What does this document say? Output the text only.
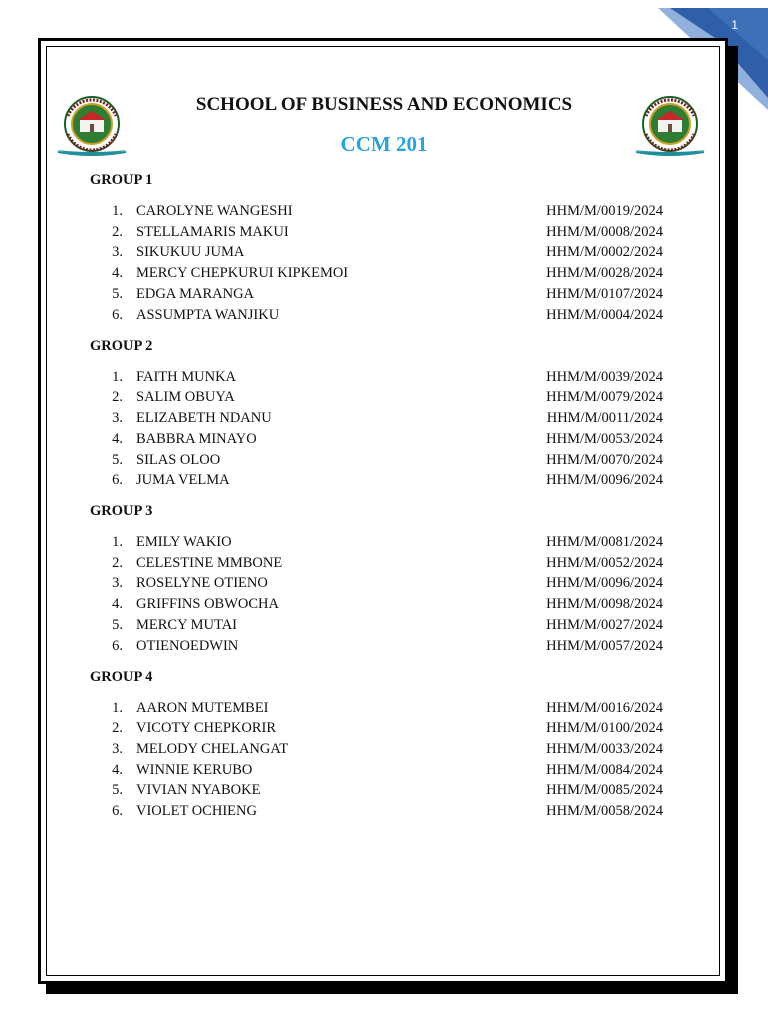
1
SCHOOL OF BUSINESS AND ECONOMICS
CCM 201
GROUP 1
1. CAROLYNE WANGESHI	HHM/M/0019/2024
2. STELLAMARIS MAKUI	HHM/M/0008/2024
3. SIKUKUU JUMA	HHM/M/0002/2024
4. MERCY CHEPKURUI KIPKEMOI	HHM/M/0028/2024
5. EDGA MARANGA	HHM/M/0107/2024
6. ASSUMPTA WANJIKU	HHM/M/0004/2024
GROUP 2
1. FAITH MUNKA	HHM/M/0039/2024
2. SALIM OBUYA	HHM/M/0079/2024
3. ELIZABETH NDANU	HHM/M/0011/2024
4. BABBRA MINAYO	HHM/M/0053/2024
5. SILAS OLOO	HHM/M/0070/2024
6. JUMA VELMA	HHM/M/0096/2024
GROUP 3
1. EMILY WAKIO	HHM/M/0081/2024
2. CELESTINE MMBONE	HHM/M/0052/2024
3. ROSELYNE OTIENO	HHM/M/0096/2024
4. GRIFFINS OBWOCHA	HHM/M/0098/2024
5. MERCY MUTAI	HHM/M/0027/2024
6. OTIENOEDWIN	HHM/M/0057/2024
GROUP 4
1. AARON MUTEMBEI	HHM/M/0016/2024
2. VICOTY CHEPKORIR	HHM/M/0100/2024
3. MELODY CHELANGAT	HHM/M/0033/2024
4. WINNIE KERUBO	HHM/M/0084/2024
5. VIVIAN NYABOKE	HHM/M/0085/2024
6. VIOLET OCHIENG	HHM/M/0058/2024
